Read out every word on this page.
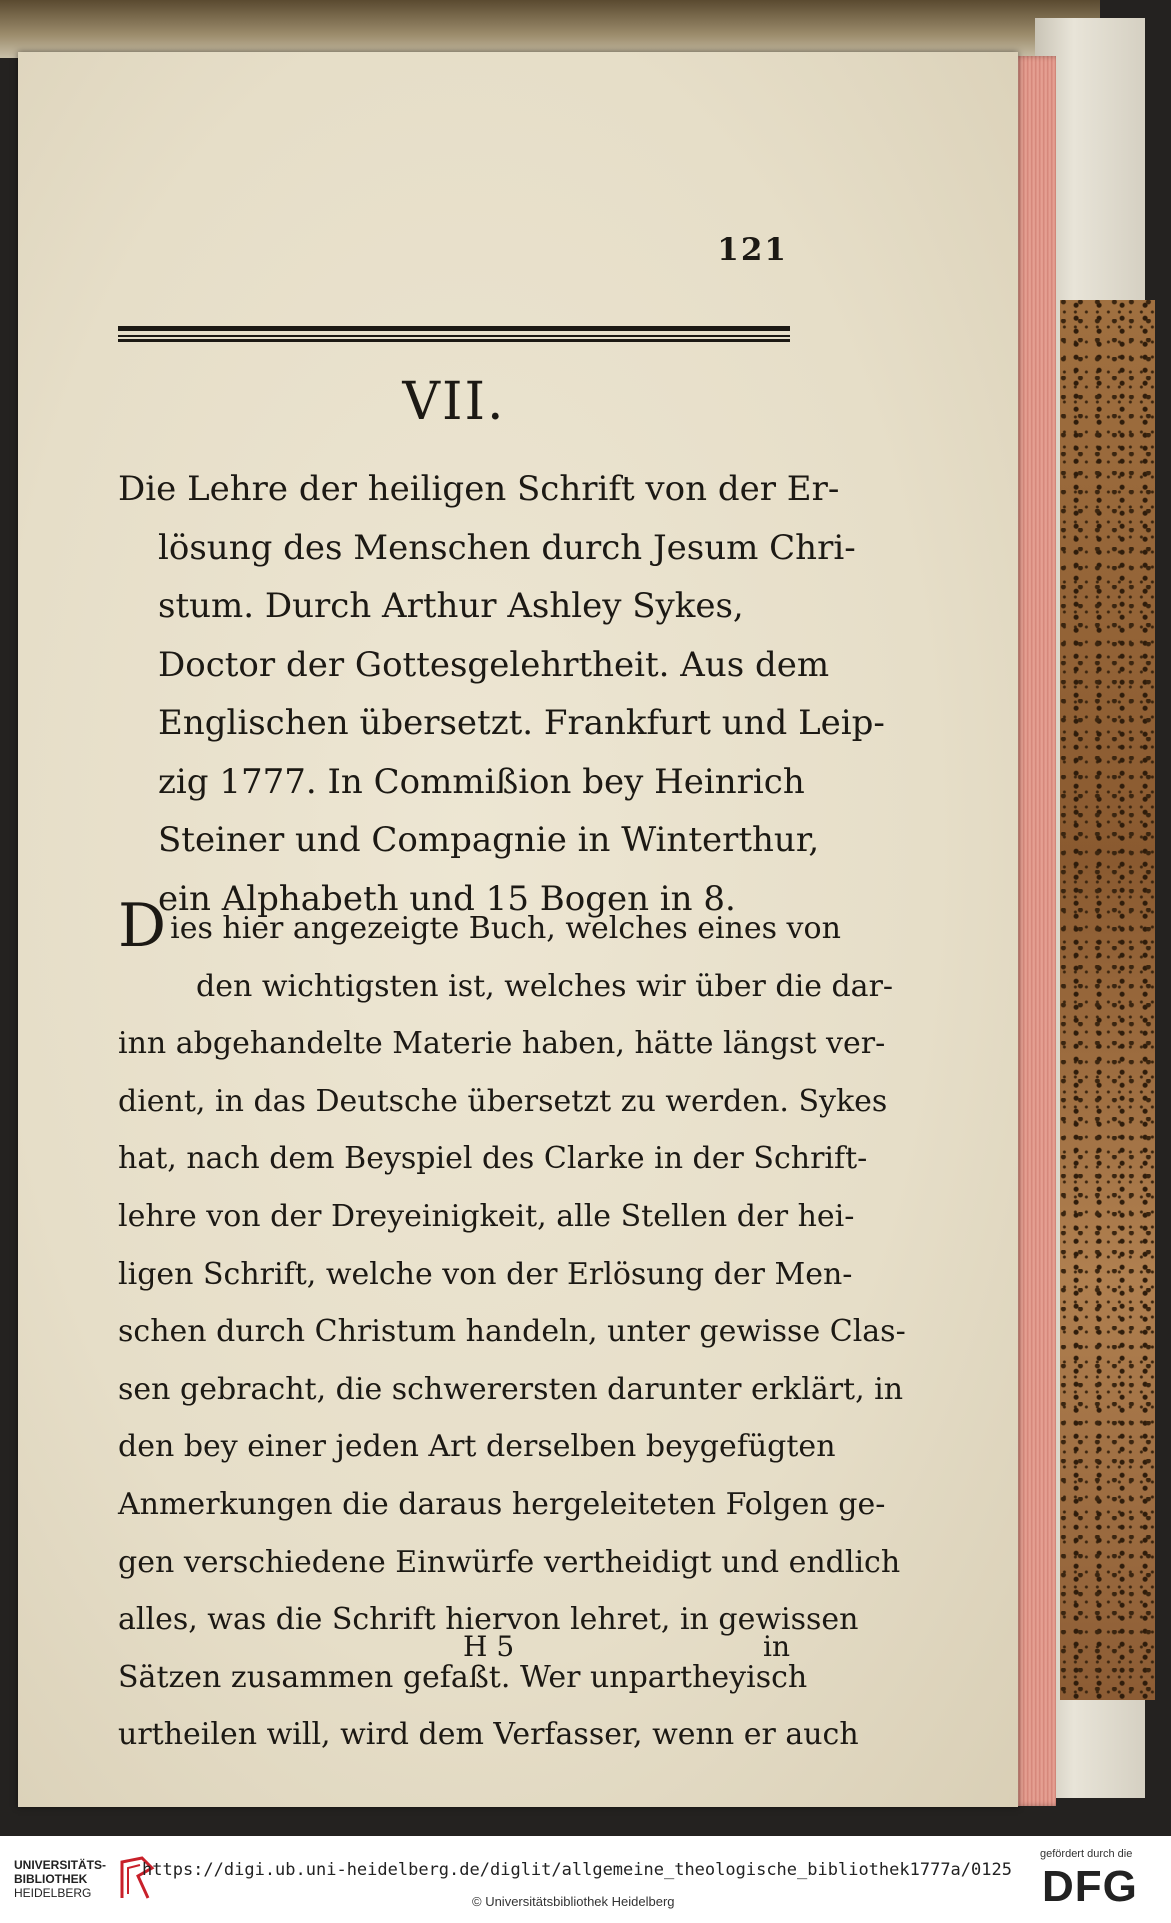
121
VII.
Die Lehre der heiligen Schrift von der Er-
lösung des Menschen durch Jesum Chri-
stum. Durch Arthur Ashley Sykes,
Doctor der Gottesgelehrtheit. Aus dem
Englischen übersetzt. Frankfurt und Leip-
zig 1777. In Commißion bey Heinrich
Steiner und Compagnie in Winterthur,
ein Alphabeth und 15 Bogen in 8.
Dies hier angezeigte Buch, welches eines von
den wichtigsten ist, welches wir über die dar-
inn abgehandelte Materie haben, hätte längst ver-
dient, in das Deutsche übersetzt zu werden. Sykes
hat, nach dem Beyspiel des Clarke in der Schrift-
lehre von der Dreyeinigkeit, alle Stellen der hei-
ligen Schrift, welche von der Erlösung der Men-
schen durch Christum handeln, unter gewisse Clas-
sen gebracht, die schwerersten darunter erklärt, in
den bey einer jeden Art derselben beygefügten
Anmerkungen die daraus hergeleiteten Folgen ge-
gen verschiedene Einwürfe vertheidigt und endlich
alles, was die Schrift hiervon lehret, in gewissen
Sätzen zusammen gefaßt. Wer unpartheyisch
urtheilen will, wird dem Verfasser, wenn er auch
H 5	in
UNIVERSITÄTS-
BIBLIOTHEK
HEIDELBERG
https://digi.ub.uni-heidelberg.de/diglit/allgemeine_theologische_bibliothek1777a/0125
© Universitätsbibliothek Heidelberg
gefördert durch die
DFG
